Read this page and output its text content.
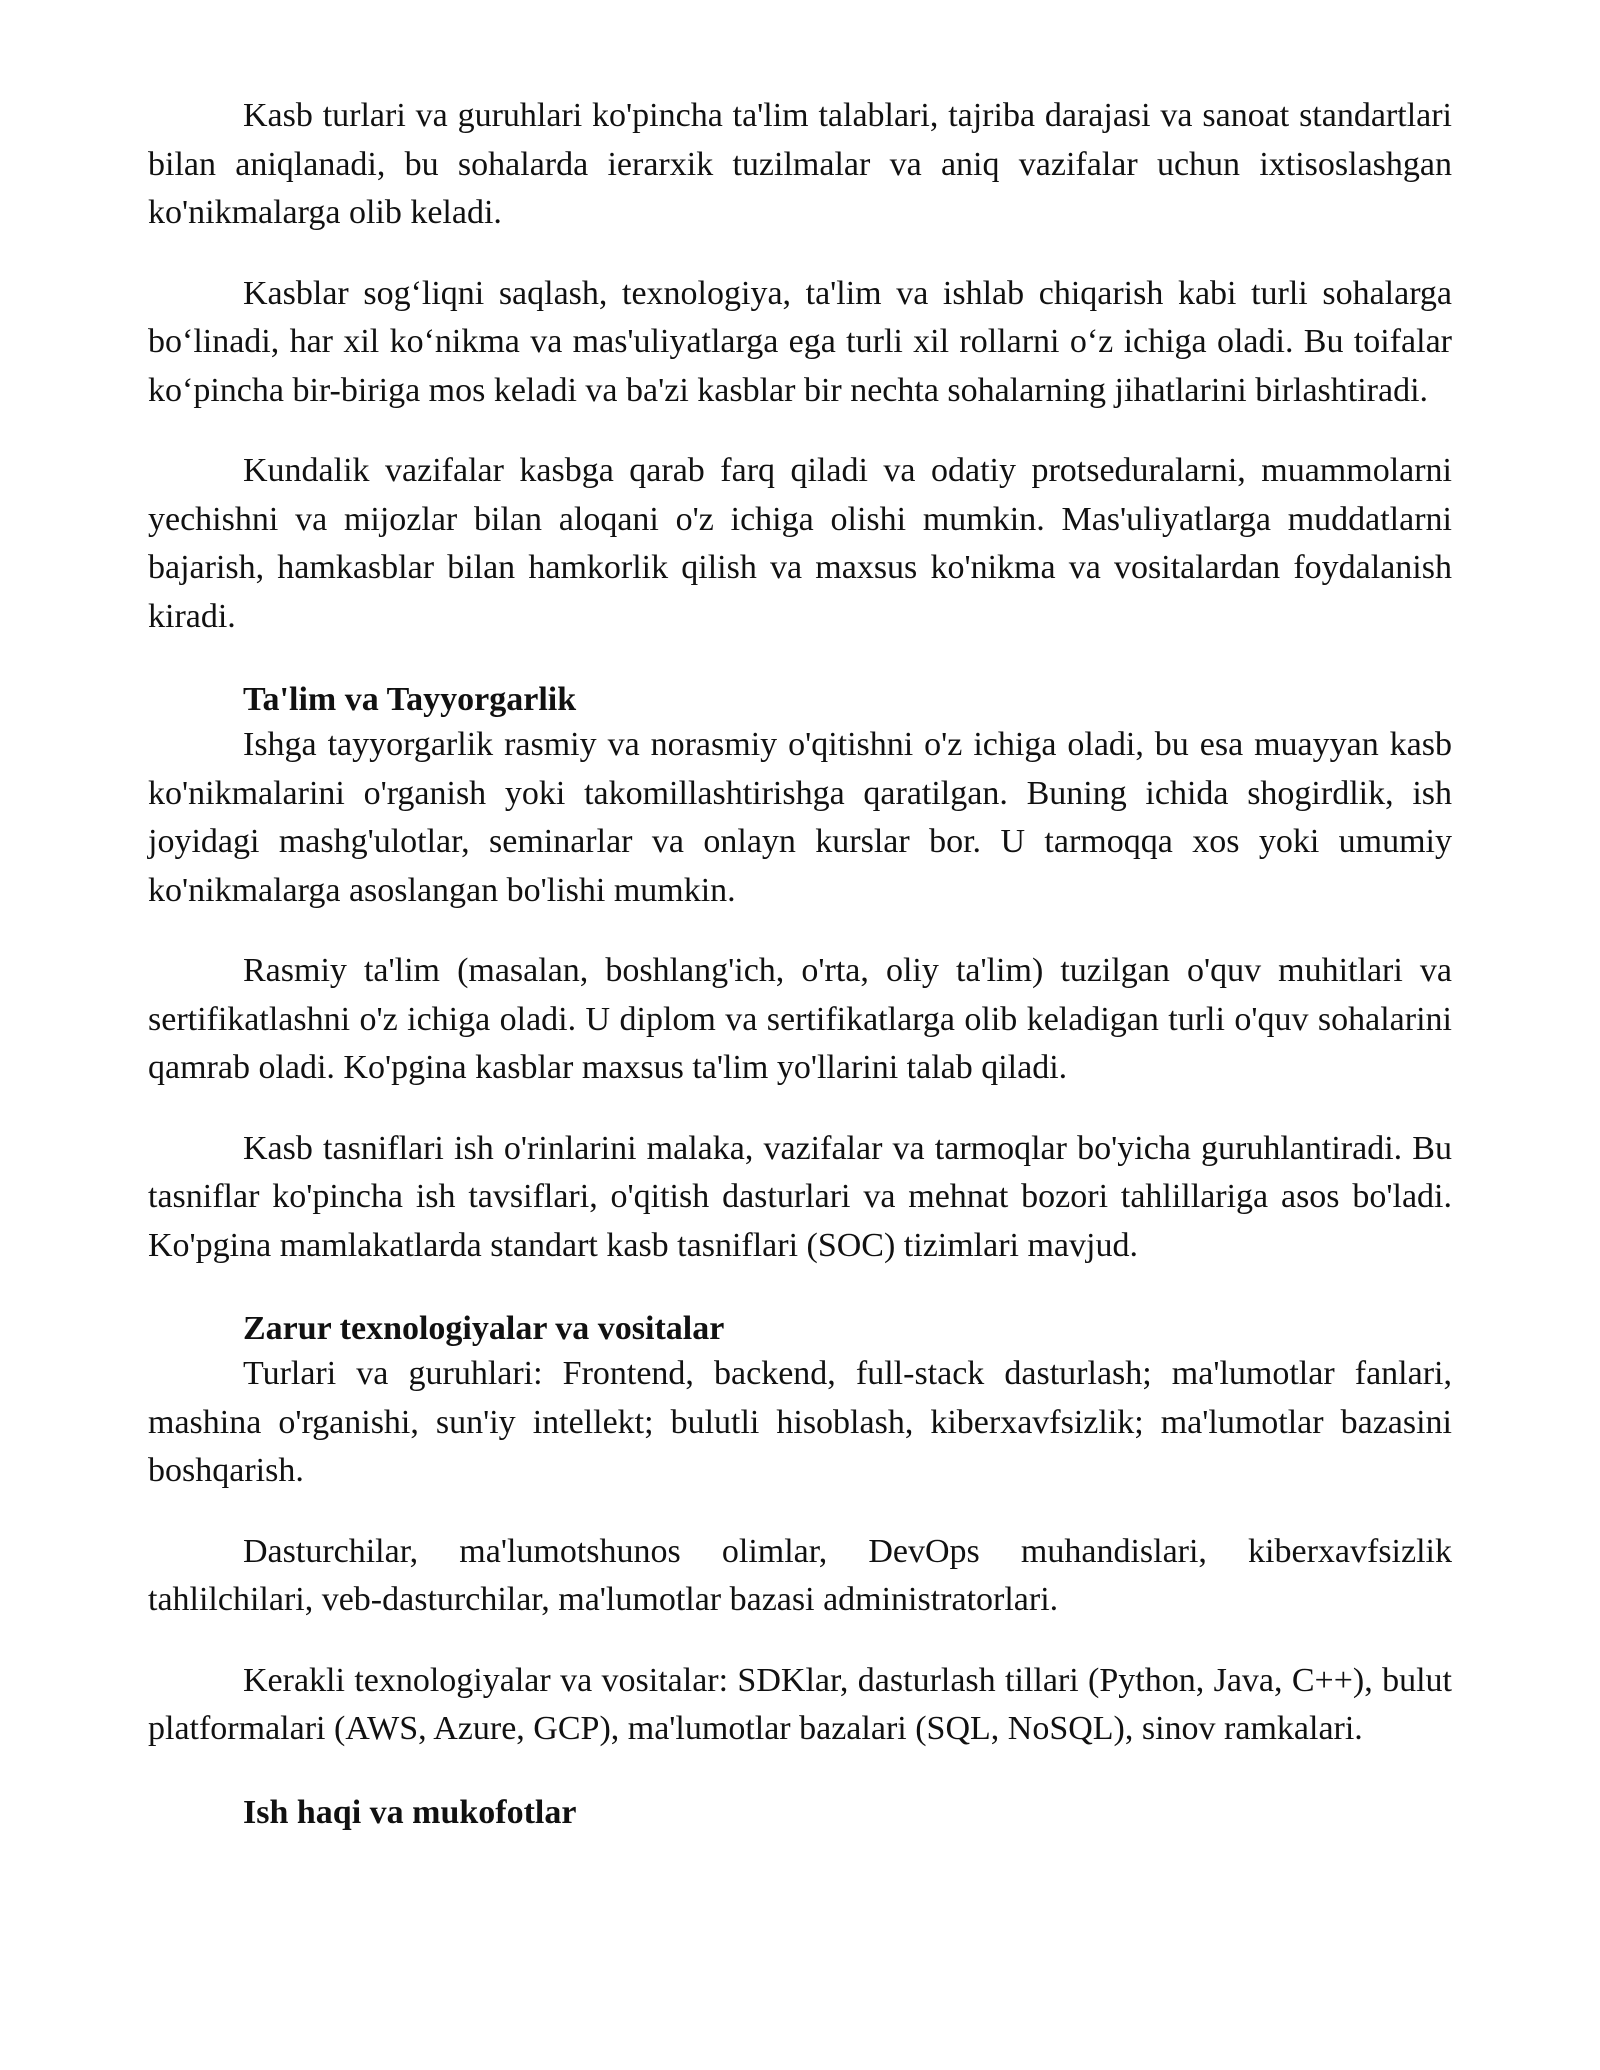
Kasb turlari va guruhlari ko'pincha ta'lim talablari, tajriba darajasi va sanoat standartlari bilan aniqlanadi, bu sohalarda ierarxik tuzilmalar va aniq vazifalar uchun ixtisoslashgan ko'nikmalarga olib keladi.

Kasblar sog‘liqni saqlash, texnologiya, ta'lim va ishlab chiqarish kabi turli sohalarga bo‘linadi, har xil ko‘nikma va mas'uliyatlarga ega turli xil rollarni o‘z ichiga oladi. Bu toifalar ko‘pincha bir-biriga mos keladi va ba'zi kasblar bir nechta sohalarning jihatlarini birlashtiradi.

Kundalik vazifalar kasbga qarab farq qiladi va odatiy protseduralarni, muammolarni yechishni va mijozlar bilan aloqani o'z ichiga olishi mumkin. Mas'uliyatlarga muddatlarni bajarish, hamkasblar bilan hamkorlik qilish va maxsus ko'nikma va vositalardan foydalanish kiradi.

Ta'lim va Tayyorgarlik

Ishga tayyorgarlik rasmiy va norasmiy o'qitishni o'z ichiga oladi, bu esa muayyan kasb ko'nikmalarini o'rganish yoki takomillashtirishga qaratilgan. Buning ichida shogirdlik, ish joyidagi mashg'ulotlar, seminarlar va onlayn kurslar bor. U tarmoqqa xos yoki umumiy ko'nikmalarga asoslangan bo'lishi mumkin.

Rasmiy ta'lim (masalan, boshlang'ich, o'rta, oliy ta'lim) tuzilgan o'quv muhitlari va sertifikatlashni o'z ichiga oladi. U diplom va sertifikatlarga olib keladigan turli o'quv sohalarini qamrab oladi. Ko'pgina kasblar maxsus ta'lim yo'llarini talab qiladi.

Kasb tasniflari ish o'rinlarini malaka, vazifalar va tarmoqlar bo'yicha guruhlantiradi. Bu tasniflar ko'pincha ish tavsiflari, o'qitish dasturlari va mehnat bozori tahlillariga asos bo'ladi. Ko'pgina mamlakatlarda standart kasb tasniflari (SOC) tizimlari mavjud.

Zarur texnologiyalar va vositalar

Turlari va guruhlari: Frontend, backend, full-stack dasturlash; ma'lumotlar fanlari, mashina o'rganishi, sun'iy intellekt; bulutli hisoblash, kiberxavfsizlik; ma'lumotlar bazasini boshqarish.

Dasturchilar, ma'lumotshunos olimlar, DevOps muhandislari, kiberxavfsizlik tahlilchilari, veb-dasturchilar, ma'lumotlar bazasi administratorlari.

Kerakli texnologiyalar va vositalar: SDKlar, dasturlash tillari (Python, Java, C++), bulut platformalari (AWS, Azure, GCP), ma'lumotlar bazalari (SQL, NoSQL), sinov ramkalari.

Ish haqi va mukofotlar
